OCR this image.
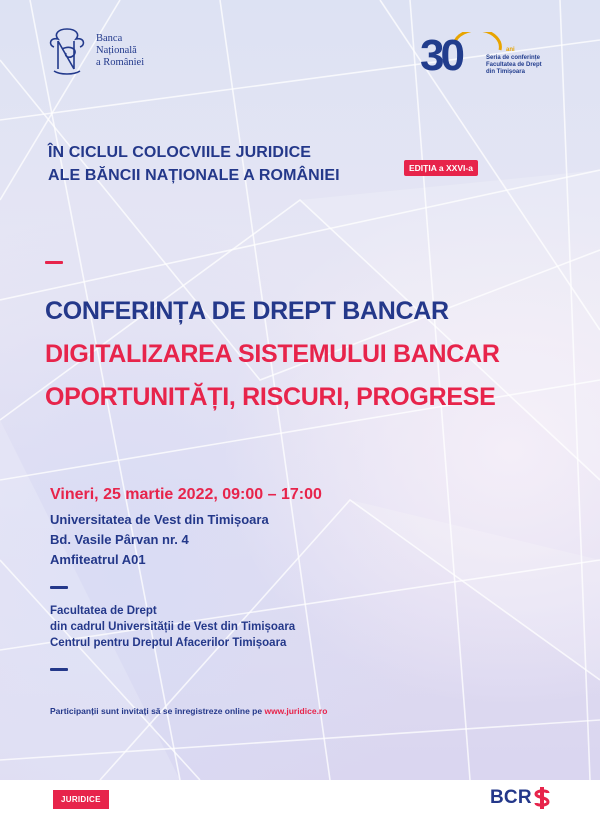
Banca
Națională
a României	30	ani
Seria de conferințe
Facultatea de Drept
din Timișoara
ÎN CICLUL COLOCVIILE JURIDICE
ALE BĂNCII NAȚIONALE A ROMÂNIEI	EDIȚIA a XXVI-a
CONFERINȚA DE DREPT BANCAR
DIGITALIZAREA SISTEMULUI BANCAR
OPORTUNITĂȚI, RISCURI, PROGRESE
Vineri, 25 martie 2022, 09:00 – 17:00
Universitatea de Vest din Timișoara
Bd. Vasile Pârvan nr. 4
Amfiteatrul A01
Facultatea de Drept
din cadrul Universității de Vest din Timișoara
Centrul pentru Dreptul Afacerilor Timișoara
Participanții sunt invitați să se înregistreze online pe www.juridice.ro
JURIDICE	BCR
